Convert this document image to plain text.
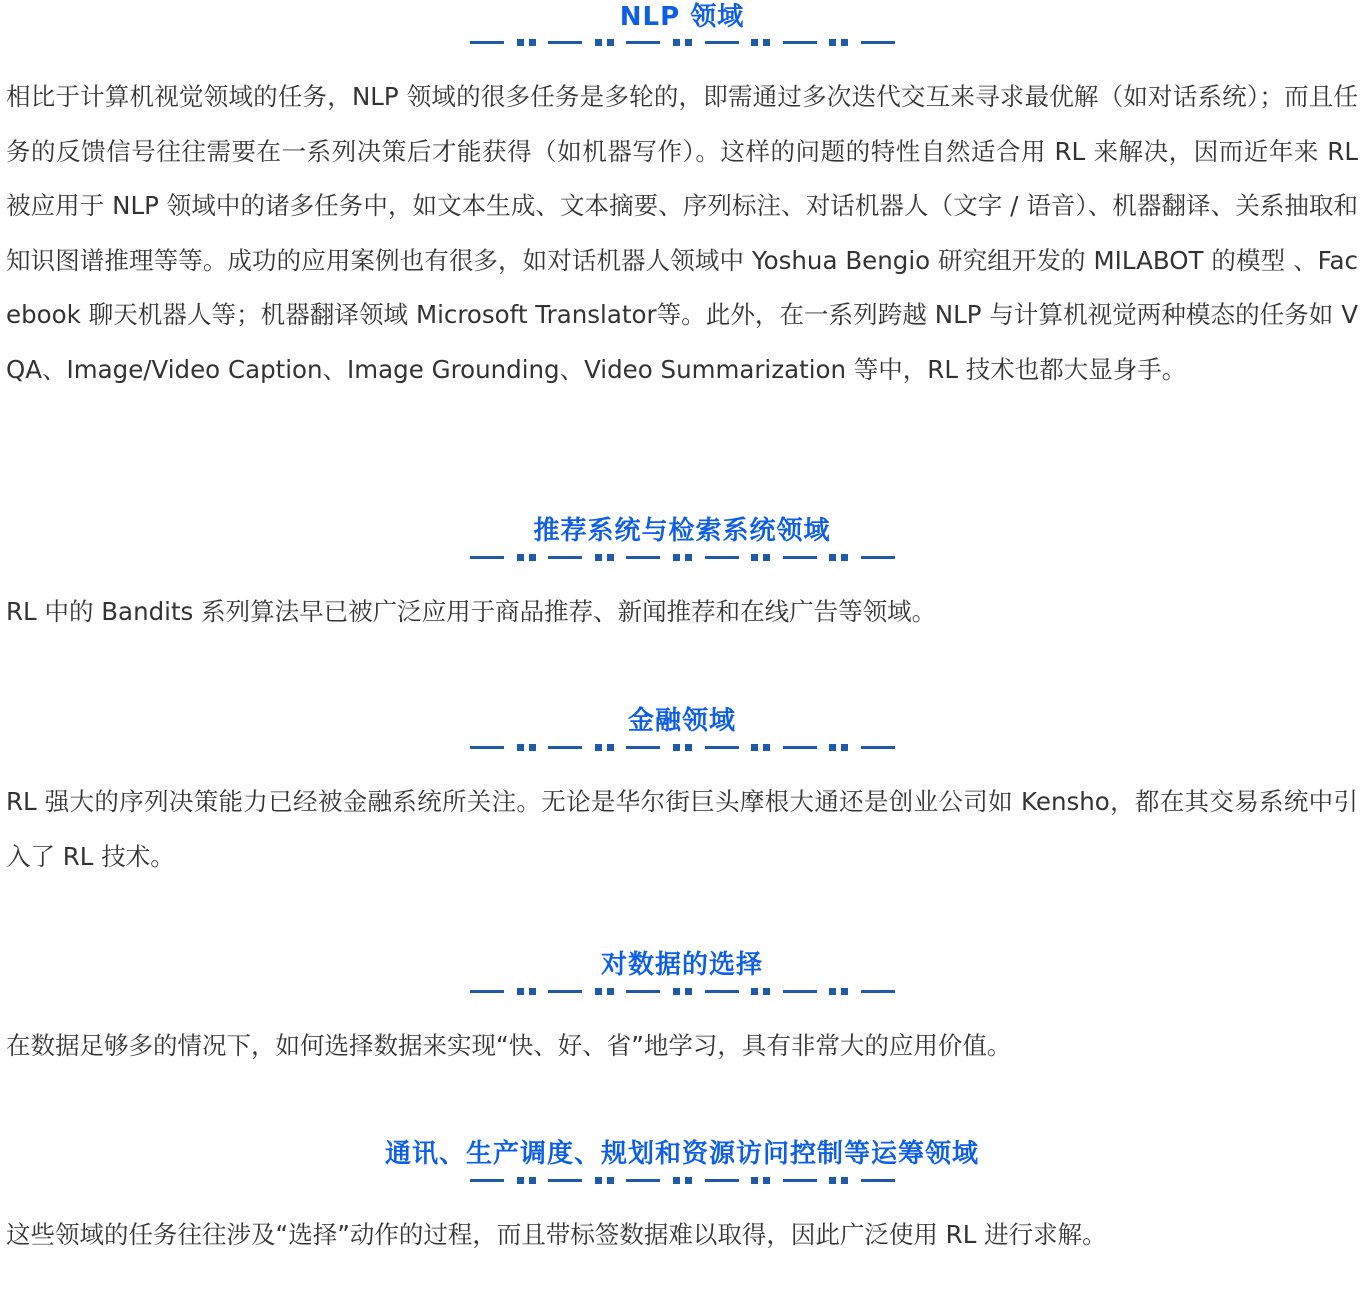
NLP 领域
相比于计算机视觉领域的任务，NLP 领域的很多任务是多轮的，即需通过多次迭代交互来寻求最优解（如对话系统）；而且任务的反馈信号往往需要在一系列决策后才能获得（如机器写作）。这样的问题的特性自然适合用 RL 来解决，因而近年来 RL 被应用于 NLP 领域中的诸多任务中，如文本生成、文本摘要、序列标注、对话机器人（文字 / 语音）、机器翻译、关系抽取和知识图谱推理等等。成功的应用案例也有很多，如对话机器人领域中 Yoshua Bengio 研究组开发的 MILABOT 的模型 、Facebook 聊天机器人等；机器翻译领域 Microsoft Translator等。此外，在一系列跨越 NLP 与计算机视觉两种模态的任务如 VQA、Image/Video Caption、Image Grounding、Video Summarization 等中，RL 技术也都大显身手。
推荐系统与检索系统领域
RL 中的 Bandits 系列算法早已被广泛应用于商品推荐、新闻推荐和在线广告等领域。
金融领域
RL 强大的序列决策能力已经被金融系统所关注。无论是华尔街巨头摩根大通还是创业公司如 Kensho，都在其交易系统中引入了 RL 技术。
对数据的选择
在数据足够多的情况下，如何选择数据来实现“快、好、省”地学习，具有非常大的应用价值。
通讯、生产调度、规划和资源访问控制等运筹领域
这些领域的任务往往涉及“选择”动作的过程，而且带标签数据难以取得，因此广泛使用 RL 进行求解。
